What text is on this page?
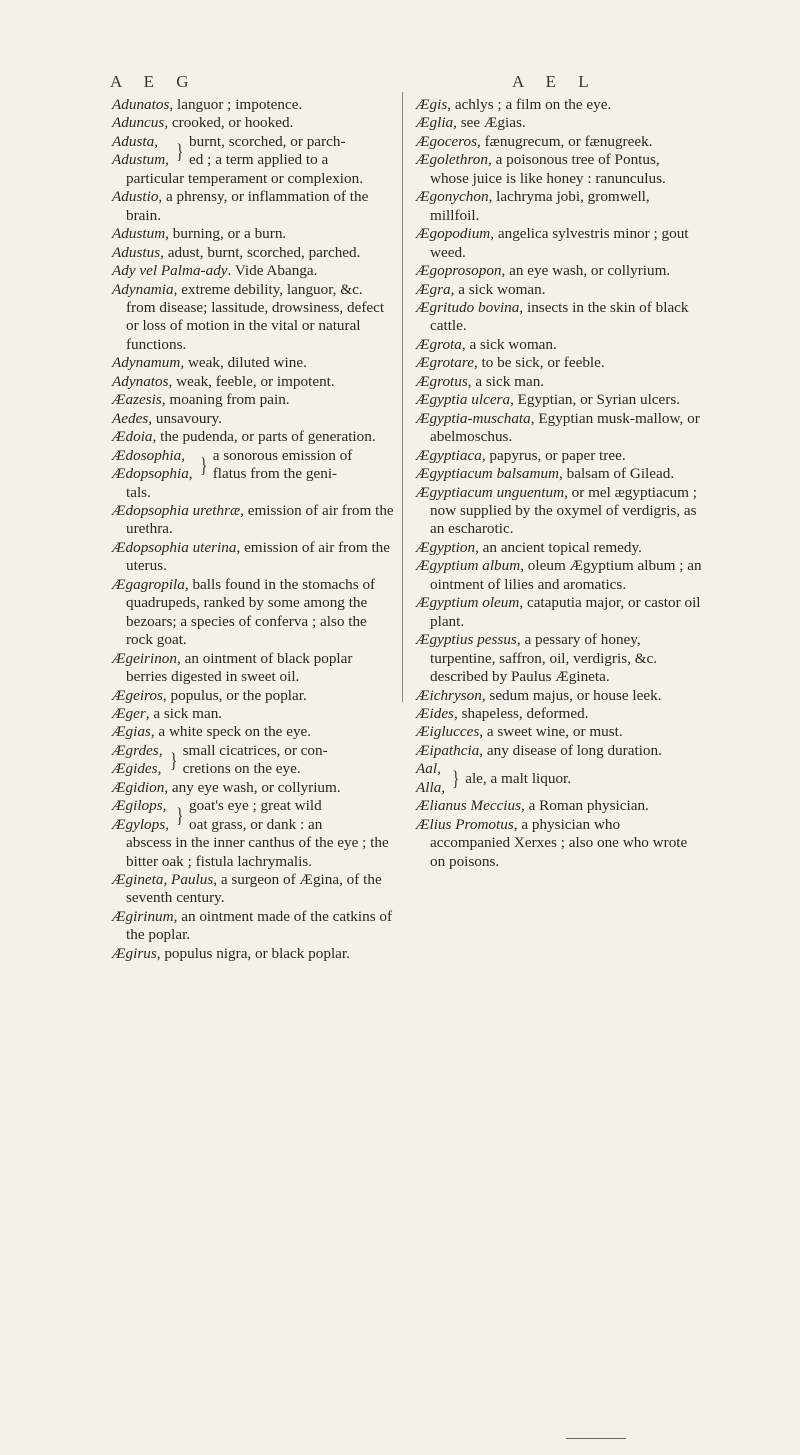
A E G	A E L
Adunatos, languor ; impotence.
Aduncus, crooked, or hooked.
Adusta,
Adustum, } burnt, scorched, or parch-
ed ; a term applied to a
particular temperament or complexion.
Adustio, a phrensy, or inflammation of the brain.
Adustum, burning, or a burn.
Adustus, adust, burnt, scorched, parched.
Ady vel Palma-ady. Vide Abanga.
Adynamia, extreme debility, languor, &c. from disease; lassitude, drowsiness, defect or loss of motion in the vital or natural functions.
Adynamum, weak, diluted wine.
Adynatos, weak, feeble, or impotent.
Æazesis, moaning from pain.
Aedes, unsavoury.
Ædoia, the pudenda, or parts of generation.
Ædosophia,
Ædopsophia, } a sonorous emission of
flatus from the geni-
tals.
Ædopsophia urethræ, emission of air from the urethra.
Ædopsophia uterina, emission of air from the uterus.
Ægagropila, balls found in the stomachs of quadrupeds, ranked by some among the bezoars; a species of conferva ; also the rock goat.
Ægeirinon, an ointment of black poplar berries digested in sweet oil.
Ægeiros, populus, or the poplar.
Æger, a sick man.
Ægias, a white speck on the eye.
Ægrdes,
Ægides, } small cicatrices, or con-
cretions on the eye.
Ægidion, any eye wash, or collyrium.
Ægilops,
Ægylops, } goat's eye ; great wild
oat grass, or dank : an
abscess in the inner canthus of the eye ; the bitter oak ; fistula lachrymalis.
Ægineta, Paulus, a surgeon of Ægina, of the seventh century.
Ægirinum, an ointment made of the catkins of the poplar.
Ægirus, populus nigra, or black poplar.
Ægis, achlys ; a film on the eye.
Æglia, see Ægias.
Ægoceros, fænugrecum, or fænugreek.
Ægolethron, a poisonous tree of Pontus, whose juice is like honey : ranunculus.
Ægonychon, lachryma jobi, gromwell, millfoil.
Ægopodium, angelica sylvestris minor ; gout weed.
Ægoprosopon, an eye wash, or collyrium.
Ægra, a sick woman.
Ægritudo bovina, insects in the skin of black cattle.
Ægrota, a sick woman.
Ægrotare, to be sick, or feeble.
Ægrotus, a sick man.
Ægyptia ulcera, Egyptian, or Syrian ulcers.
Ægyptia-muschata, Egyptian musk-mallow, or abelmoschus.
Ægyptiaca, papyrus, or paper tree.
Ægyptiacum balsamum, balsam of Gilead.
Ægyptiacum unguentum, or mel ægyptiacum ; now supplied by the oxymel of verdigris, as an escharotic.
Ægyption, an ancient topical remedy.
Ægyptium album, oleum Ægyptium album ; an ointment of lilies and aromatics.
Ægyptium oleum, cataputia major, or castor oil plant.
Ægyptius pessus, a pessary of honey, turpentine, saffron, oil, verdigris, &c. described by Paulus Ægineta.
Æichryson, sedum majus, or house leek.
Æides, shapeless, deformed.
Æiglucces, a sweet wine, or must.
Æipathcia, any disease of long duration.
Aal,
Alla, } ale, a malt liquor.
Ælianus Meccius, a Roman physician.
Ælius Promotus, a physician who accompanied Xerxes ; also one who wrote on poisons.
